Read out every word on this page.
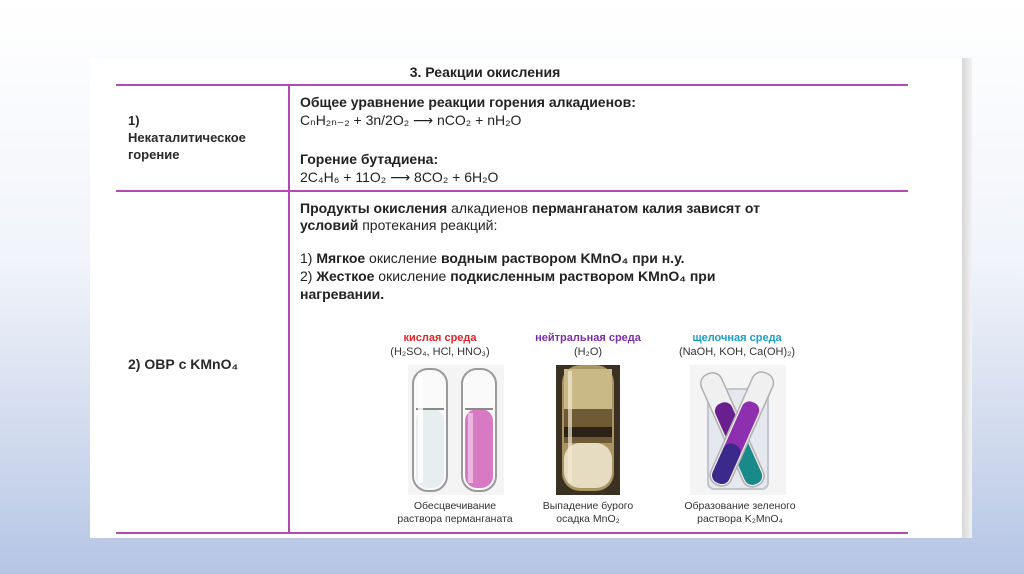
3. Реакции окисления
1)
Некаталитическое
горение
Общее уравнение реакции горения алкадиенов:
CₙH₂ₙ₋₂ + 3n/2O₂ ⟶ nCO₂ + nH₂O
Горение бутадиена:
2C₄H₆ + 11O₂ ⟶ 8CO₂ + 6H₂O
2) ОВР с KMnO₄
Продукты окисления алкадиенов перманганатом калия зависят от
условий протекания реакций:
1) Мягкое окисление водным раствором KMnO₄ при н.у.
2) Жесткое окисление подкисленным раствором KMnO₄ при
нагревании.
кислая среда
(H₂SO₄, HCl, HNO₃)
нейтральная среда
(H₂O)
щелочная среда
(NaOH, KOH, Ca(OH)₂)
Обесцвечивание
раствора перманганата
Выпадение бурого
осадка MnO₂
Образование зеленого
раствора K₂MnO₄
